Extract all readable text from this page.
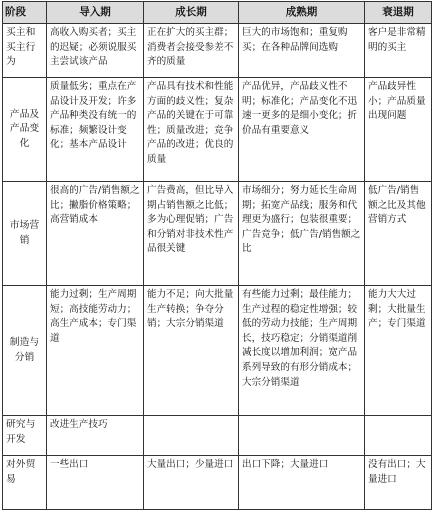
阶段	导入期	成长期	成熟期	衰退期
买主和买主行为	高收入购买者；买主的迟疑；必须说服买主尝试该产品	正在扩大的买主群；消费者会接受参差不齐的质量	巨大的市场饱和；重复购买；在各种品牌间选购	客户是非常精明的买主
产品及产品变化	质量低劣；重点在产品设计及开发；许多产品种类没有统一的标准；频繁设计变化；基本产品设计	产品具有技术和性能方面的歧义性；复杂产品的关键在于可靠性；质量改进；竞争产品的改进；优良的质量	产品优异，产品歧义性不明；标准化；产品变化不迅速一更多的是细小变化；折价品有重要意义	产品歧异性小；产品质量出现问题
市场营销	很高的广告/销售额之比；撇脂价格策略；高营销成本	广告费高，但比导入期占销售额之比低；多为心理促销；广告和分销对非技术性产品很关键	市场细分；努力延长生命周期；拓宽产品线；服务和代理更为盛行；包装很重要；广告竞争；低广告/销售额之比	低广告/销售额之比及其他营销方式
制造与分销	能力过剩；生产周期短；高技能劳动力；高生产成本；专门渠道	能力不足；向大批量生产转换；争夺分销；大宗分销渠道	有些能力过剩；最佳能力；生产过程的稳定性增强；较低的劳动力技能；生产周期长，技巧稳定；分销渠道削减长度以增加利润；宽产品系列导致的有形分销成本；大宗分销渠道	能力大大过剩；大批量生产；专门渠道
研究与开发	改进生产技巧			
对外贸易	一些出口	大量出口；少量进口	出口下降；大量进口	没有出口；大量进口
